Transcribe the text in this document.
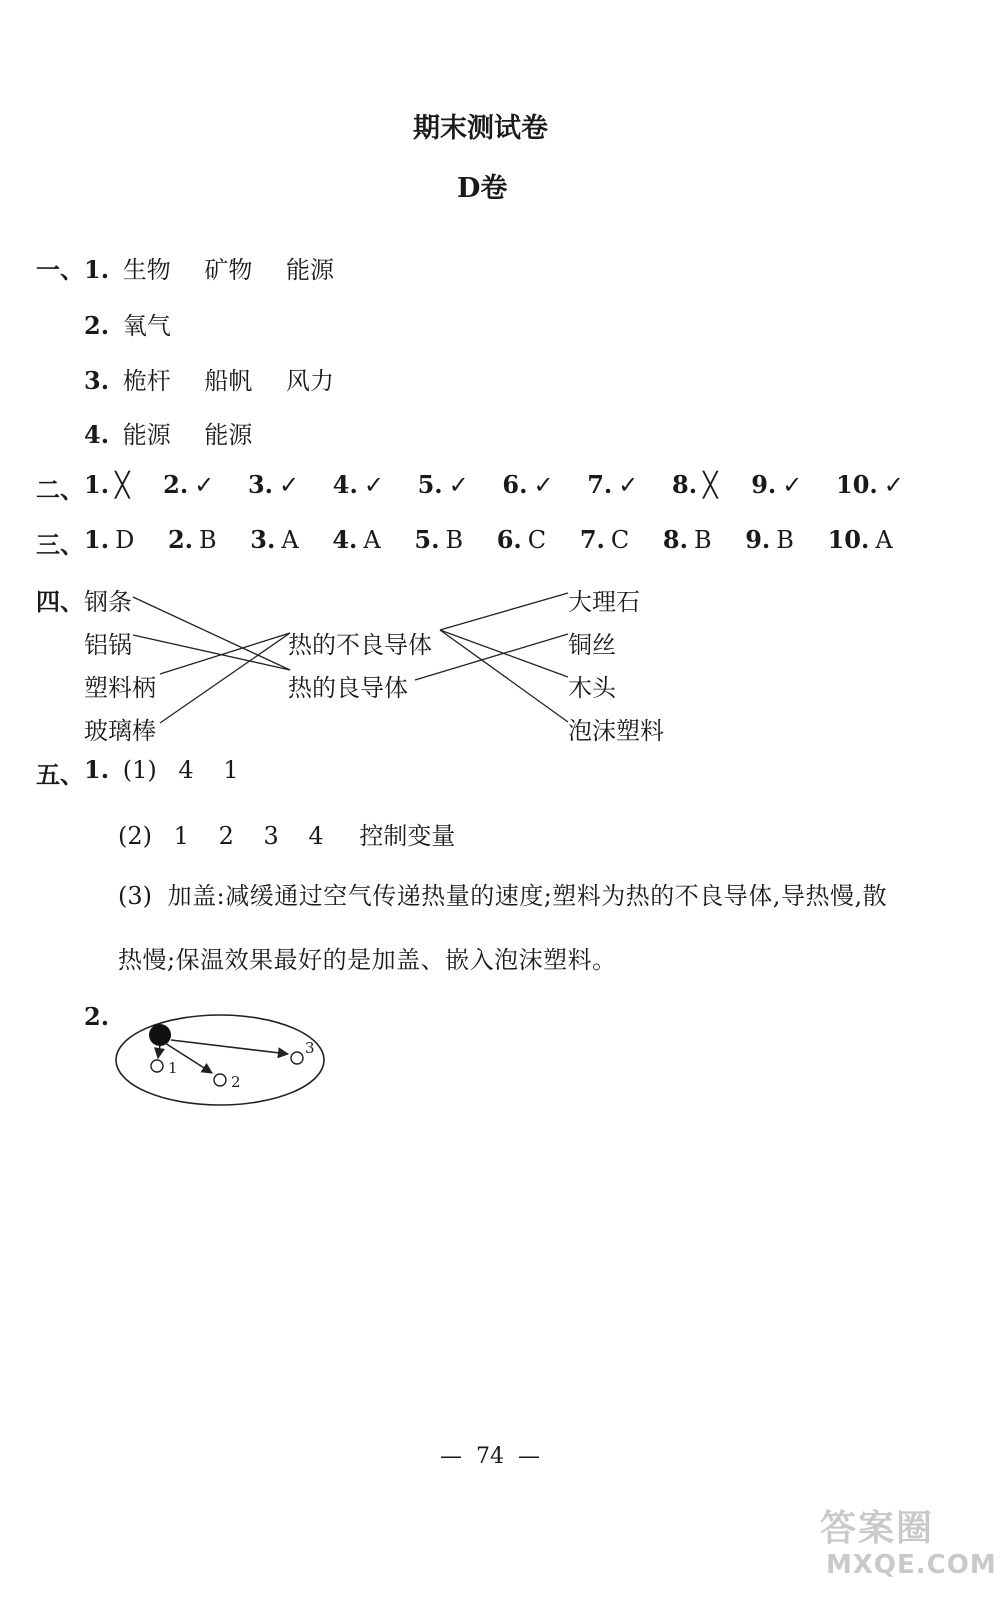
期末测试卷
D卷
一、 1. 生物 矿物 能源
2. 氧气
3. 桅杆 船帆 风力
4. 能源 能源
二、 1. ╳ 2. ✓ 3. ✓ 4. ✓ 5. ✓ 6. ✓ 7. ✓ 8. ╳ 9. ✓ 10. ✓
三、 1. D 2. B 3. A 4. A 5. B 6. C 7. C 8. B 9. B 10. A
四、 钢条
铝锅
塑料柄
玻璃棒
热的不良导体
热的良导体
大理石
铜丝
木头
泡沫塑料
五、 1. (1) 4 1
(2) 1 2 3 4 控制变量
(3) 加盖:减缓通过空气传递热量的速度;塑料为热的不良导体,导热慢,散
热慢;保温效果最好的是加盖、嵌入泡沫塑料。
2.
1
2
3
—  74  —
答案圈
MXQE.COM
